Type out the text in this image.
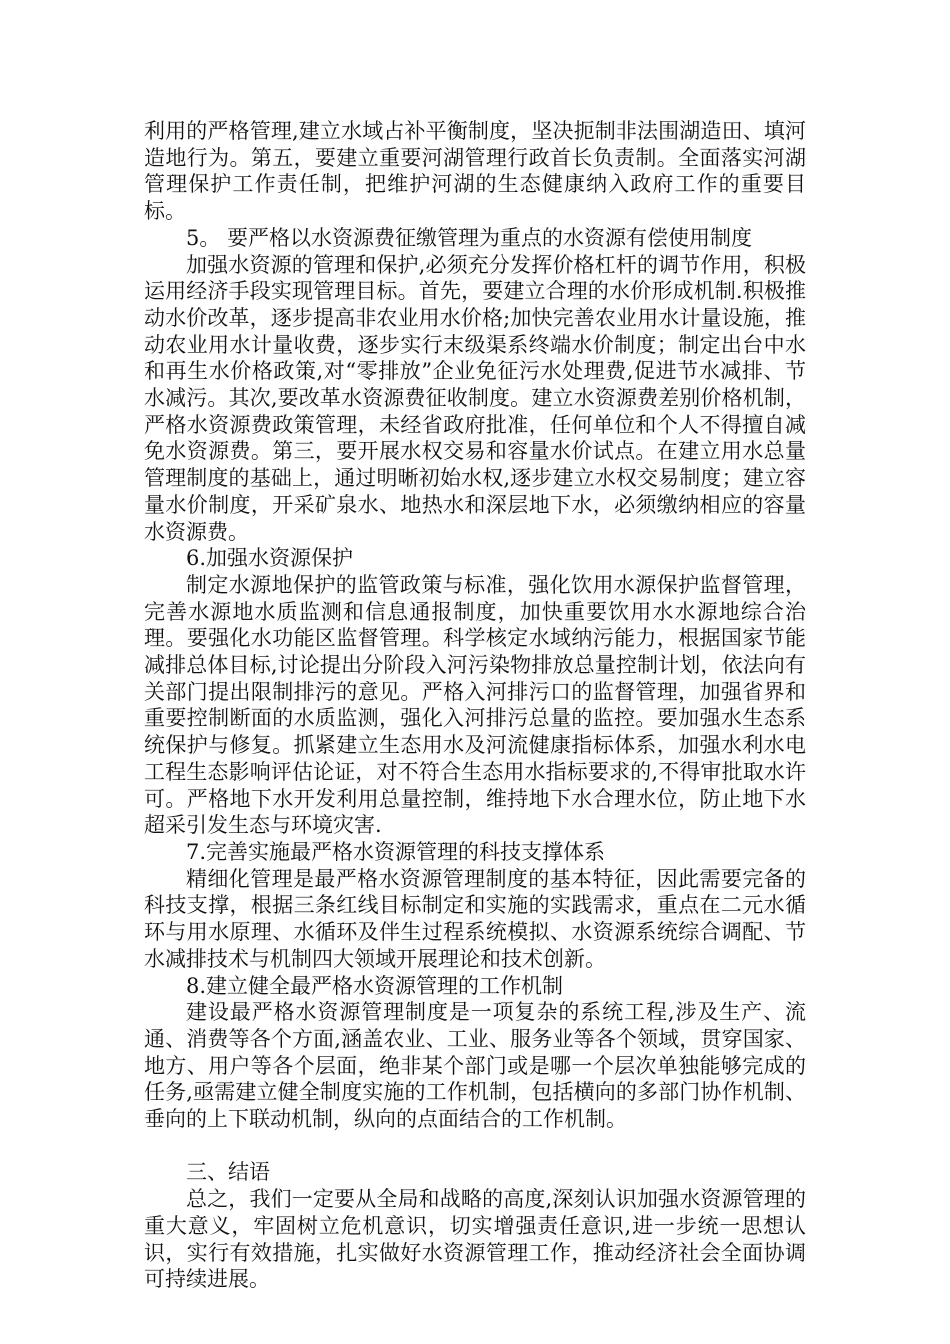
利用的严格管理,建立水域占补平衡制度，坚决扼制非法围湖造田、填河造地行为。第五，要建立重要河湖管理行政首长负责制。全面落实河湖管理保护工作责任制，把维护河湖的生态健康纳入政府工作的重要目标。

5。 要严格以水资源费征缴管理为重点的水资源有偿使用制度

加强水资源的管理和保护,必须充分发挥价格杠杆的调节作用，积极运用经济手段实现管理目标。首先，要建立合理的水价形成机制.积极推动水价改革，逐步提高非农业用水价格;加快完善农业用水计量设施，推动农业用水计量收费，逐步实行末级渠系终端水价制度；制定出台中水和再生水价格政策,对“零排放”企业免征污水处理费,促进节水减排、节水减污。其次,要改革水资源费征收制度。建立水资源费差别价格机制，严格水资源费政策管理，未经省政府批准，任何单位和个人不得擅自减免水资源费。第三，要开展水权交易和容量水价试点。在建立用水总量管理制度的基础上，通过明晰初始水权,逐步建立水权交易制度；建立容量水价制度，开采矿泉水、地热水和深层地下水，必须缴纳相应的容量水资源费。

6.加强水资源保护

制定水源地保护的监管政策与标准，强化饮用水源保护监督管理，完善水源地水质监测和信息通报制度，加快重要饮用水水源地综合治理。要强化水功能区监督管理。科学核定水域纳污能力，根据国家节能减排总体目标,讨论提出分阶段入河污染物排放总量控制计划，依法向有关部门提出限制排污的意见。严格入河排污口的监督管理，加强省界和重要控制断面的水质监测，强化入河排污总量的监控。要加强水生态系统保护与修复。抓紧建立生态用水及河流健康指标体系，加强水利水电工程生态影响评估论证，对不符合生态用水指标要求的,不得审批取水许可。严格地下水开发利用总量控制，维持地下水合理水位，防止地下水超采引发生态与环境灾害.

7.完善实施最严格水资源管理的科技支撑体系

精细化管理是最严格水资源管理制度的基本特征，因此需要完备的科技支撑，根据三条红线目标制定和实施的实践需求，重点在二元水循环与用水原理、水循环及伴生过程系统模拟、水资源系统综合调配、节水减排技术与机制四大领域开展理论和技术创新。

8.建立健全最严格水资源管理的工作机制

建设最严格水资源管理制度是一项复杂的系统工程,涉及生产、流通、消费等各个方面,涵盖农业、工业、服务业等各个领域，贯穿国家、地方、用户等各个层面，绝非某个部门或是哪一个层次单独能够完成的任务,亟需建立健全制度实施的工作机制，包括横向的多部门协作机制、垂向的上下联动机制，纵向的点面结合的工作机制。

三、结语

总之，我们一定要从全局和战略的高度,深刻认识加强水资源管理的重大意义，牢固树立危机意识，切实增强责任意识,进一步统一思想认识，实行有效措施，扎实做好水资源管理工作，推动经济社会全面协调可持续进展。
